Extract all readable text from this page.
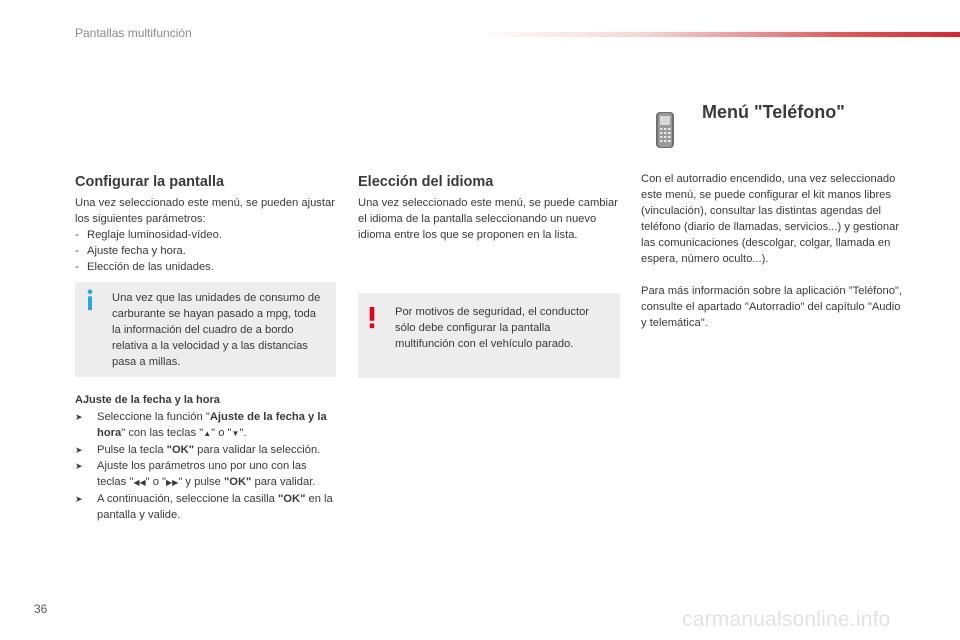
Pantallas multifunción
Configurar la pantalla

Una vez seleccionado este menú, se pueden ajustar los siguientes parámetros:

- Reglaje luminosidad-vídeo.
- Ajuste fecha y hora.
- Elección de las unidades.
Una vez que las unidades de consumo de carburante se hayan pasado a mpg, toda la información del cuadro de a bordo relativa a la velocidad y a las distancias pasa a millas.
AJuste de la fecha y la hora
➤	Seleccione la función "Ajuste de la fecha y la hora" con las teclas "▲" o "▼".
➤	Pulse la tecla "OK" para validar la selección.
➤	Ajuste los parámetros uno por uno con las teclas "◀◀" o "▶▶" y pulse "OK" para validar.
➤	A continuación, seleccione la casilla "OK" en la pantalla y valide.
Elección del idioma

Una vez seleccionado este menú, se puede cambiar el idioma de la pantalla seleccionando un nuevo idioma entre los que se proponen en la lista.

Por motivos de seguridad, el conductor sólo debe configurar la pantalla multifunción con el vehículo parado.
Menú "Teléfono"

Con el autorradio encendido, una vez seleccionado este menú, se puede configurar el kit manos libres (vinculación), consultar las distintas agendas del teléfono (diario de llamadas, servicios...) y gestionar las comunicaciones (descolgar, colgar, llamada en espera, número oculto...).

Para más información sobre la aplicación "Teléfono", consulte el apartado "Autorradio" del capítulo "Audio y telemática".

36	carmanualsonline.info
